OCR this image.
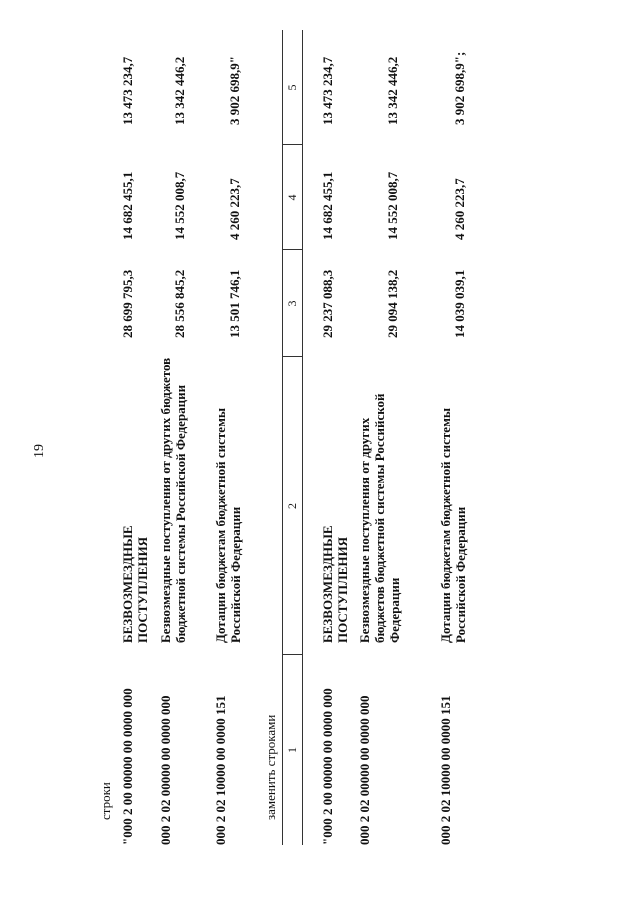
19
строки "000 2 00 00000 00 0000 000
БЕЗВОЗМЕЗДНЫЕ ПОСТУПЛЕНИЯ
28 699 795,3
14 682 455,1
13 473 234,7
000 2 02 00000 00 0000 000
Безвозмездные поступления от других бюджетов бюджетной системы Российской Федерации
28 556 845,2
14 552 008,7
13 342 446,2
000 2 02 10000 00 0000 151
Дотации бюджетам бюджетной системы Российской Федерации
13 501 746,1
4 260 223,7
3 902 698,9"
заменить строками 1
2
3
4
5
"000 2 00 00000 00 0000 000
БЕЗВОЗМЕЗДНЫЕ ПОСТУПЛЕНИЯ
29 237 088,3
14 682 455,1
13 473 234,7
000 2 02 00000 00 0000 000
Безвозмездные поступления от других бюджетов бюджетной системы Российской Федерации
29 094 138,2
14 552 008,7
13 342 446,2
000 2 02 10000 00 0000 151
Дотации бюджетам бюджетной системы Российской Федерации
14 039 039,1
4 260 223,7
3 902 698,9";
